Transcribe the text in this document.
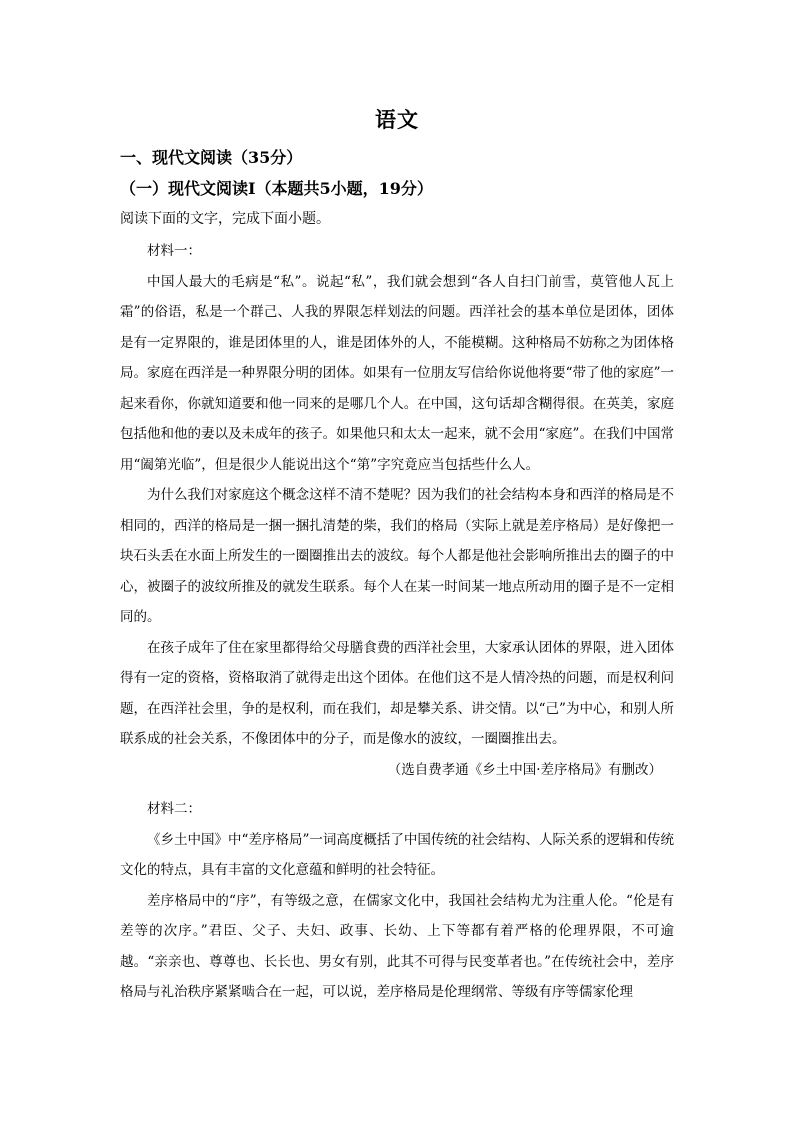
语文
一、现代文阅读（35分）
（一）现代文阅读Ⅰ（本题共5小题，19分）
阅读下面的文字，完成下面小题。
材料一：

中国人最大的毛病是“私”。说起“私”，我们就会想到“各人自扫门前雪，莫管他人瓦上霜”的俗语，私是一个群己、人我的界限怎样划法的问题。西洋社会的基本单位是团体，团体是有一定界限的，谁是团体里的人，谁是团体外的人，不能模糊。这种格局不妨称之为团体格局。家庭在西洋是一种界限分明的团体。如果有一位朋友写信给你说他将要“带了他的家庭”一起来看你，你就知道要和他一同来的是哪几个人。在中国，这句话却含糊得很。在英美，家庭包括他和他的妻以及未成年的孩子。如果他只和太太一起来，就不会用“家庭”。在我们中国常用“阖第光临”，但是很少人能说出这个“第”字究竟应当包括些什么人。

为什么我们对家庭这个概念这样不清不楚呢？因为我们的社会结构本身和西洋的格局是不相同的，西洋的格局是一捆一捆扎清楚的柴，我们的格局（实际上就是差序格局）是好像把一块石头丢在水面上所发生的一圈圈推出去的波纹。每个人都是他社会影响所推出去的圈子的中心，被圈子的波纹所推及的就发生联系。每个人在某一时间某一地点所动用的圈子是不一定相同的。

在孩子成年了住在家里都得给父母膳食费的西洋社会里，大家承认团体的界限，进入团体得有一定的资格，资格取消了就得走出这个团体。在他们这不是人情冷热的问题，而是权利问题，在西洋社会里，争的是权利，而在我们，却是攀关系、讲交情。以“己”为中心，和别人所联系成的社会关系，不像团体中的分子，而是像水的波纹，一圈圈推出去。

（选自费孝通《乡土中国·差序格局》有删改）
材料二：

《乡土中国》中“差序格局”一词高度概括了中国传统的社会结构、人际关系的逻辑和传统文化的特点，具有丰富的文化意蕴和鲜明的社会特征。

差序格局中的“序”，有等级之意，在儒家文化中，我国社会结构尤为注重人伦。“伦是有差等的次序。”君臣、父子、夫妇、政事、长幼、上下等都有着严格的伦理界限，不可逾越。“亲亲也、尊尊也、长长也、男女有别，此其不可得与民变革者也。”在传统社会中，差序格局与礼治秩序紧紧啮合在一起，可以说，差序格局是伦理纲常、等级有序等儒家伦理
